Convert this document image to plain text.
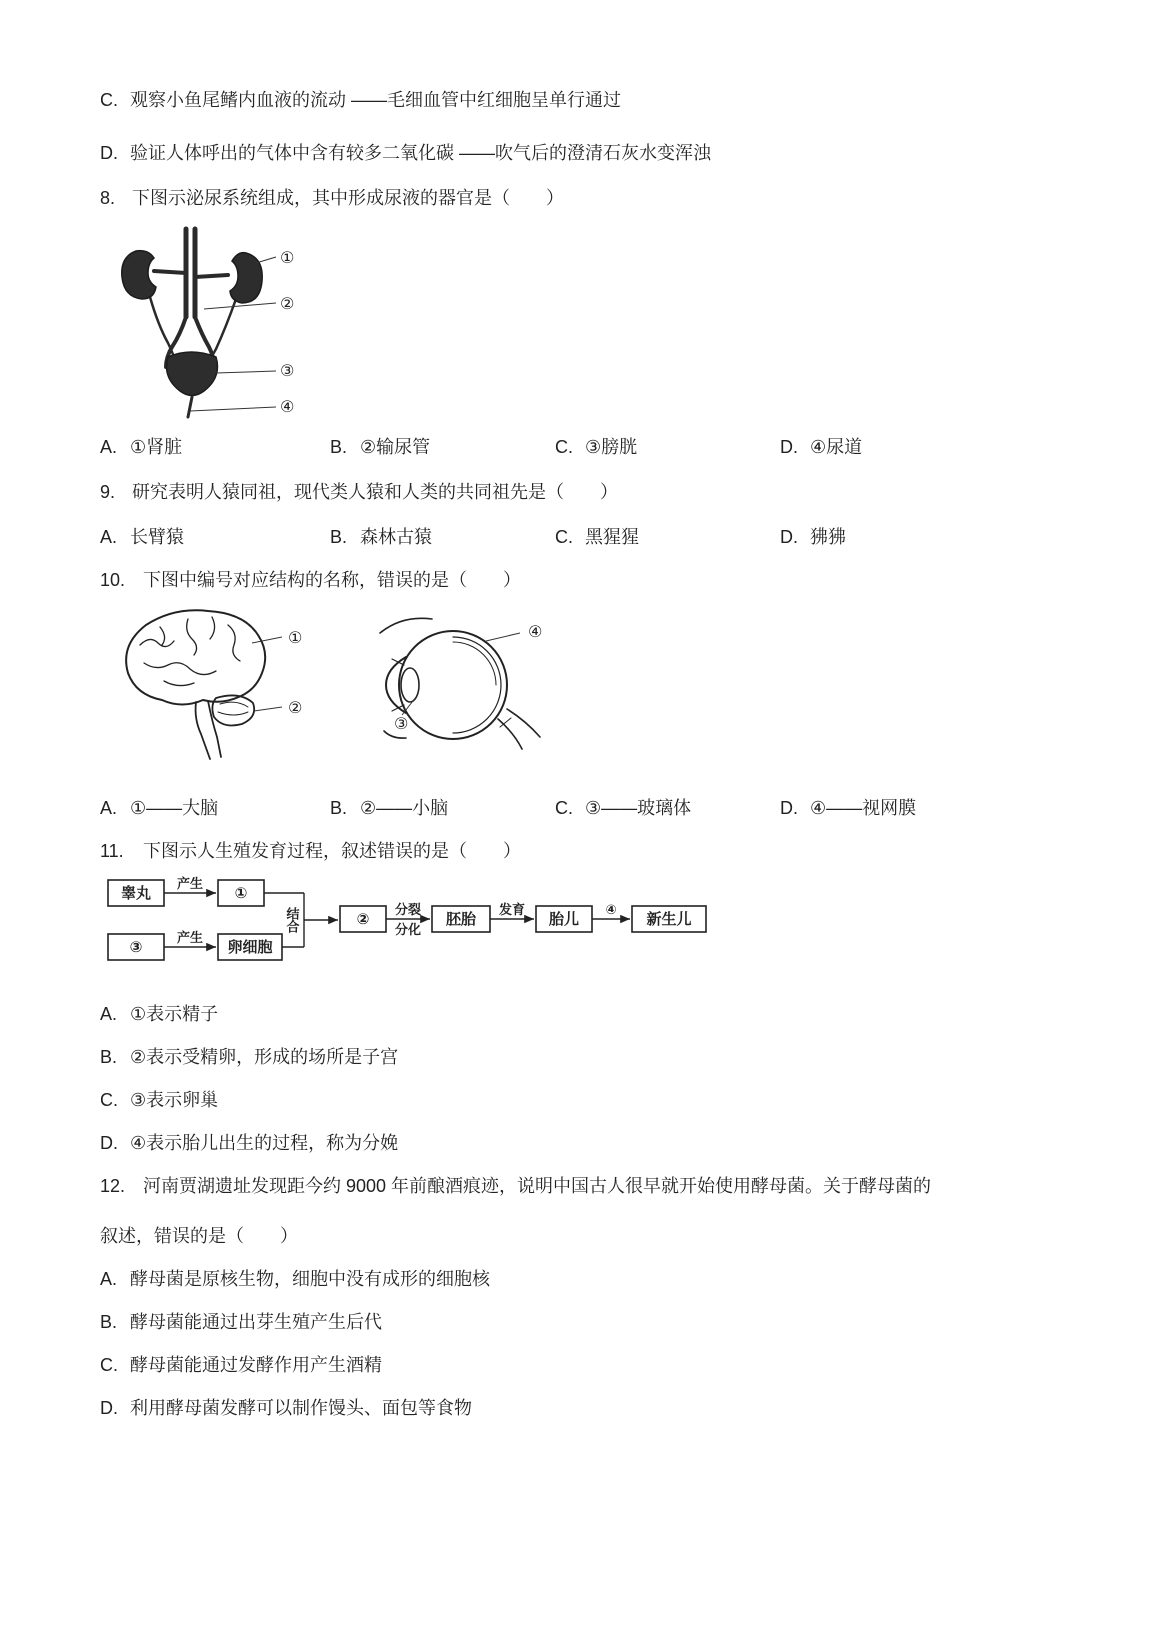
C. 观察小鱼尾鳍内血液的流动 ——毛细血管中红细胞呈单行通过
D. 验证人体呼出的气体中含有较多二氧化碳 ——吹气后的澄清石灰水变浑浊
8. 下图示泌尿系统组成，其中形成尿液的器官是（　　）
①
②
③
④
A. ①肾脏	B. ②输尿管	C. ③膀胱	D. ④尿道
9. 研究表明人猿同祖，现代类人猿和人类的共同祖先是（　　）
A. 长臂猿	B. 森林古猿	C. 黑猩猩	D. 狒狒
10. 下图中编号对应结构的名称，错误的是（　　）
①
②
④
③
A. ①——大脑	B. ②——小脑	C. ③——玻璃体	D. ④——视网膜
11. 下图示人生殖发育过程，叙述错误的是（　　）
睾丸	①
③	卵细胞
②	胚胎	胎儿	新生儿
产生
产生
结合	分裂
分化
发育	④
A. ①表示精子
B. ②表示受精卵，形成的场所是子宫
C. ③表示卵巢
D. ④表示胎儿出生的过程，称为分娩
12. 河南贾湖遗址发现距今约 9000 年前酿酒痕迹，说明中国古人很早就开始使用酵母菌。关于酵母菌的
叙述，错误的是（　　）
A. 酵母菌是原核生物，细胞中没有成形的细胞核
B. 酵母菌能通过出芽生殖产生后代
C. 酵母菌能通过发酵作用产生酒精
D. 利用酵母菌发酵可以制作馒头、面包等食物
